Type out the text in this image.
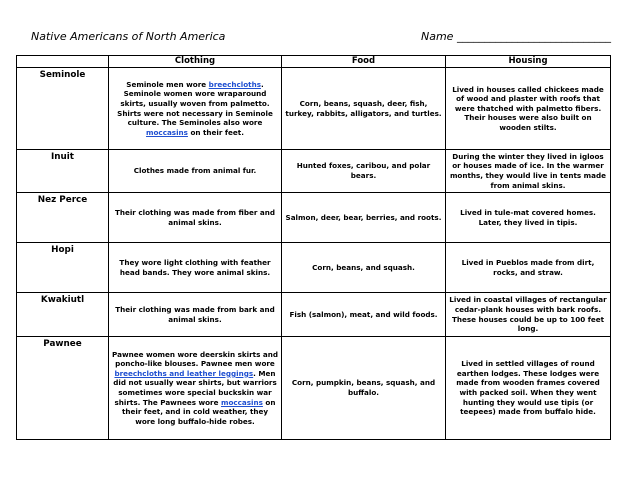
Native Americans of North America	Name ____________________________
	Clothing	Food	Housing
Seminole	Seminole men wore breechcloths. Seminole women wore wraparound skirts, usually woven from palmetto. Shirts were not necessary in Seminole culture. The Seminoles also wore moccasins on their feet.	Corn, beans, squash, deer, fish, turkey, rabbits, alligators, and turtles.	Lived in houses called chickees made of wood and plaster with roofs that were thatched with palmetto fibers. Their houses were also built on wooden stilts.
Inuit	Clothes made from animal fur.	Hunted foxes, caribou, and polar bears.	During the winter they lived in igloos or houses made of ice. In the warmer months, they would live in tents made from animal skins.
Nez Perce	Their clothing was made from fiber and animal skins.	Salmon, deer, bear, berries, and roots.	Lived in tule-mat covered homes. Later, they lived in tipis.
Hopi	They wore light clothing with feather head bands. They wore animal skins.	Corn, beans, and squash.	Lived in Pueblos made from dirt, rocks, and straw.
Kwakiutl	Their clothing was made from bark and animal skins.	Fish (salmon), meat, and wild foods.	Lived in coastal villages of rectangular cedar-plank houses with bark roofs. These houses could be up to 100 feet long.
Pawnee	Pawnee women wore deerskin skirts and poncho-like blouses. Pawnee men wore breechcloths and leather leggings. Men did not usually wear shirts, but warriors sometimes wore special buckskin war shirts. The Pawnees wore moccasins on their feet, and in cold weather, they wore long buffalo-hide robes.	Corn, pumpkin, beans, squash, and buffalo.	Lived in settled villages of round earthen lodges. These lodges were made from wooden frames covered with packed soil. When they went hunting they would use tipis (or teepees) made from buffalo hide.
